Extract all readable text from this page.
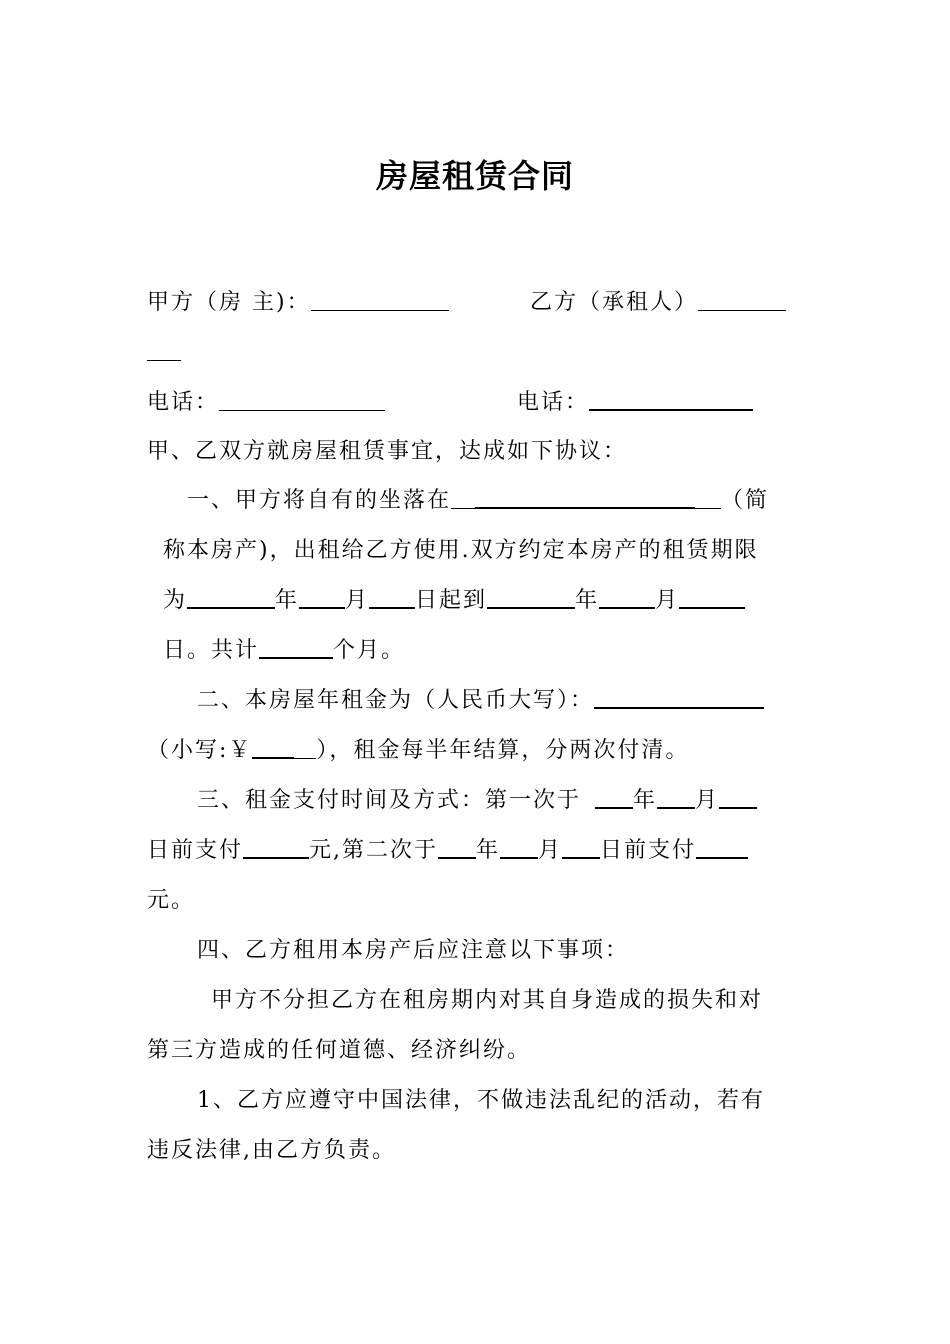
房屋租赁合同
甲方（房 主)：	乙方（承租人）
电话：	电话：
甲、乙双方就房屋租赁事宜，达成如下协议：
一、甲方将自有的坐落在	（简
称本房产)，出租给乙方使用.双方约定本房产的租赁期限
为	年 月 日起到	年	月
日。共计	个月。
二、本房屋年租金为（人民币大写）：
（小写:￥	），租金每半年结算，分两次付清。
三、租金支付时间及方式：第一次于 年 月
日前支付	元,第二次于 年 月 日前支付
元。
四、乙方租用本房产后应注意以下事项：
甲方不分担乙方在租房期内对其自身造成的损失和对
第三方造成的任何道德、经济纠纷。
1、乙方应遵守中国法律，不做违法乱纪的活动，若有
违反法律,由乙方负责。
